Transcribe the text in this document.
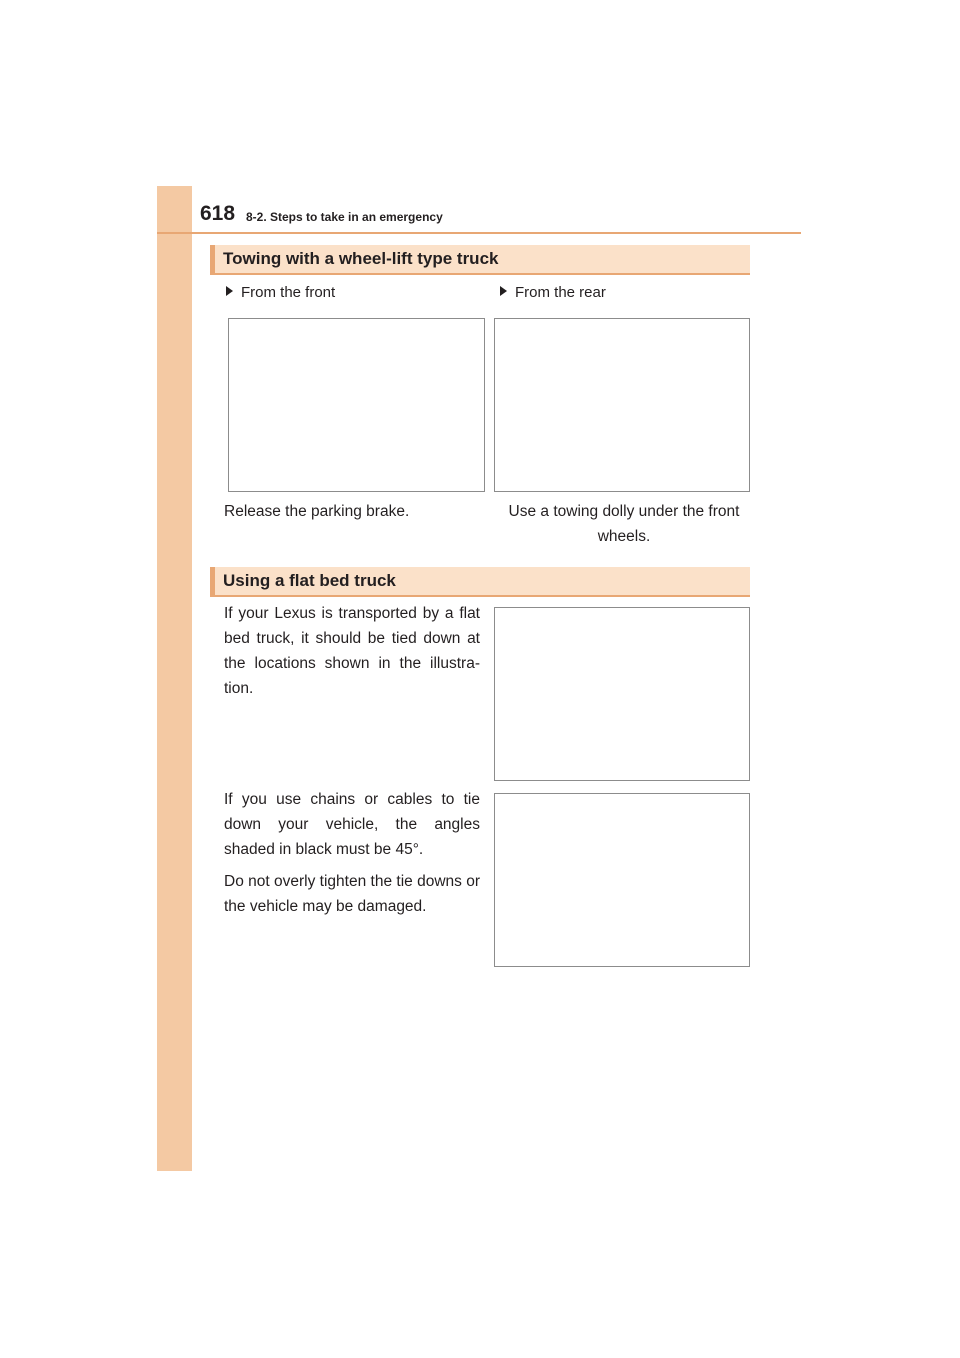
618 8-2. Steps to take in an emergency
Towing with a wheel-lift type truck
From the front	From the rear

Release the parking brake.	Use a towing dolly under the front wheels.

Using a flat bed truck

If your Lexus is transported by a flat bed truck, it should be tied down at the locations shown in the illustra- tion.

If you use chains or cables to tie down your vehicle, the angles shaded in black must be 45°.

Do not overly tighten the tie downs or the vehicle may be damaged.
